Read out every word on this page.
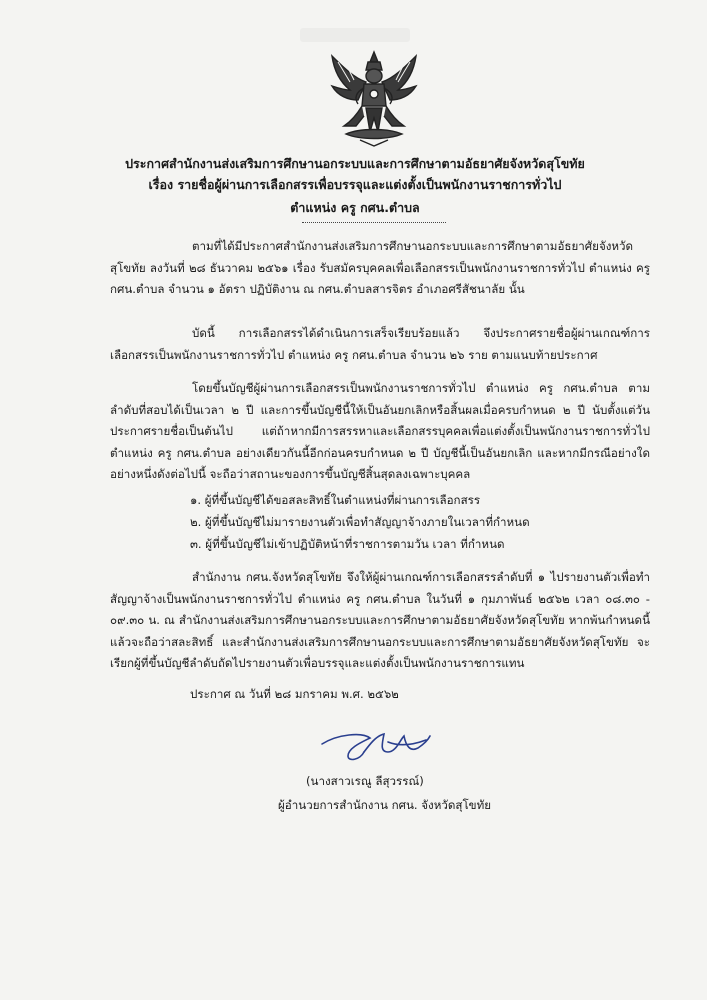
ประกาศสำนักงานส่งเสริมการศึกษานอกระบบและการศึกษาตามอัธยาศัยจังหวัดสุโขทัย
เรื่อง รายชื่อผู้ผ่านการเลือกสรรเพื่อบรรจุและแต่งตั้งเป็นพนักงานราชการทั่วไป
ตำแหน่ง ครู กศน.ตำบล
ตามที่ได้มีประกาศสำนักงานส่งเสริมการศึกษานอกระบบและการศึกษาตามอัธยาศัยจังหวัดสุโขทัย ลงวันที่ ๒๘ ธันวาคม ๒๕๖๑ เรื่อง รับสมัครบุคคลเพื่อเลือกสรรเป็นพนักงานราชการทั่วไป ตำแหน่ง ครู กศน.ตำบล จำนวน ๑ อัตรา ปฏิบัติงาน ณ กศน.ตำบลสารจิตร อำเภอศรีสัชนาลัย นั้น
บัดนี้ การเลือกสรรได้ดำเนินการเสร็จเรียบร้อยแล้ว จึงประกาศรายชื่อผู้ผ่านเกณฑ์การเลือกสรรเป็นพนักงานราชการทั่วไป ตำแหน่ง ครู กศน.ตำบล จำนวน ๒๖ ราย ตามแนบท้ายประกาศ
โดยขึ้นบัญชีผู้ผ่านการเลือกสรรเป็นพนักงานราชการทั่วไป ตำแหน่ง ครู กศน.ตำบล ตามลำดับที่สอบได้เป็นเวลา ๒ ปี และการขึ้นบัญชีนี้ให้เป็นอันยกเลิกหรือสิ้นผลเมื่อครบกำหนด ๒ ปี นับตั้งแต่วันประกาศรายชื่อเป็นต้นไป แต่ถ้าหากมีการสรรหาและเลือกสรรบุคคลเพื่อแต่งตั้งเป็นพนักงานราชการทั่วไป ตำแหน่ง ครู กศน.ตำบล อย่างเดียวกันนี้อีกก่อนครบกำหนด ๒ ปี บัญชีนี้เป็นอันยกเลิก และหากมีกรณีอย่างใดอย่างหนึ่งดังต่อไปนี้ จะถือว่าสถานะของการขึ้นบัญชีสิ้นสุดลงเฉพาะบุคคล
๑. ผู้ที่ขึ้นบัญชีได้ขอสละสิทธิ์ในตำแหน่งที่ผ่านการเลือกสรร
๒. ผู้ที่ขึ้นบัญชีไม่มารายงานตัวเพื่อทำสัญญาจ้างภายในเวลาที่กำหนด
๓. ผู้ที่ขึ้นบัญชีไม่เข้าปฏิบัติหน้าที่ราชการตามวัน เวลา ที่กำหนด
สำนักงาน กศน.จังหวัดสุโขทัย จึงให้ผู้ผ่านเกณฑ์การเลือกสรรลำดับที่ ๑ ไปรายงานตัวเพื่อทำสัญญาจ้างเป็นพนักงานราชการทั่วไป ตำแหน่ง ครู กศน.ตำบล ในวันที่ ๑ กุมภาพันธ์ ๒๕๖๒ เวลา ๐๘.๓๐ - ๐๙.๓๐ น. ณ สำนักงานส่งเสริมการศึกษานอกระบบและการศึกษาตามอัธยาศัยจังหวัดสุโขทัย หากพ้นกำหนดนี้แล้วจะถือว่าสละสิทธิ์ และสำนักงานส่งเสริมการศึกษานอกระบบและการศึกษาตามอัธยาศัยจังหวัดสุโขทัย จะเรียกผู้ที่ขึ้นบัญชีลำดับถัดไปรายงานตัวเพื่อบรรจุและแต่งตั้งเป็นพนักงานราชการแทน
ประกาศ ณ วันที่ ๒๘ มกราคม พ.ศ. ๒๕๖๒
(นางสาวเรณู ลีสุวรรณ์)
ผู้อำนวยการสำนักงาน กศน. จังหวัดสุโขทัย
